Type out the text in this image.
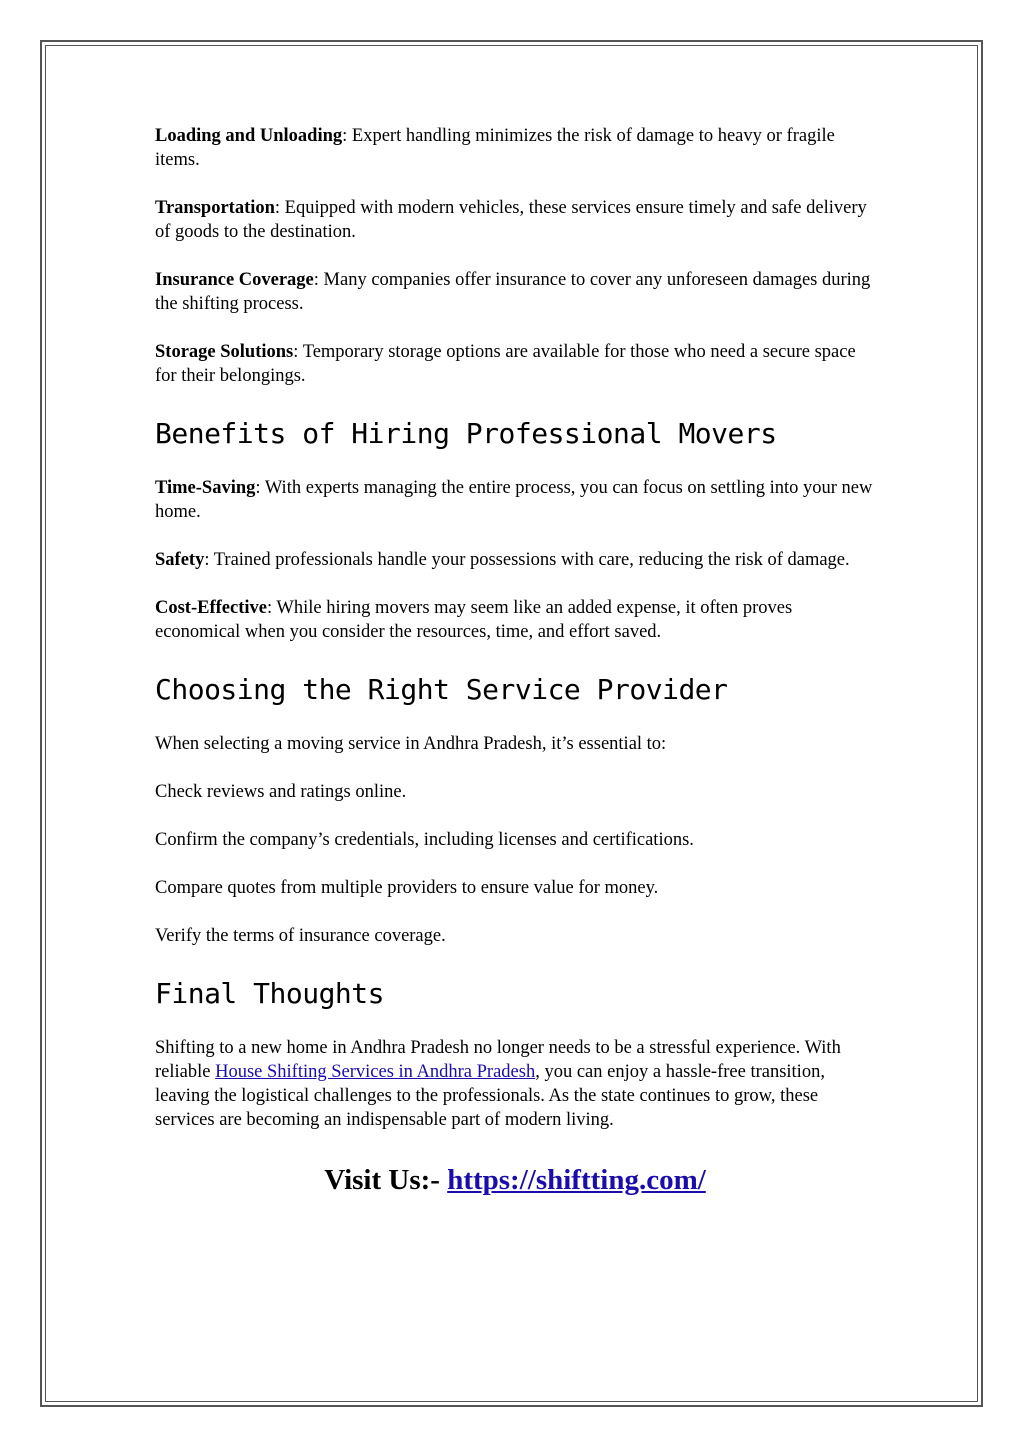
Loading and Unloading: Expert handling minimizes the risk of damage to heavy or fragile items.

Transportation: Equipped with modern vehicles, these services ensure timely and safe delivery of goods to the destination.

Insurance Coverage: Many companies offer insurance to cover any unforeseen damages during the shifting process.

Storage Solutions: Temporary storage options are available for those who need a secure space for their belongings.

Benefits of Hiring Professional Movers

Time-Saving: With experts managing the entire process, you can focus on settling into your new home.

Safety: Trained professionals handle your possessions with care, reducing the risk of damage.

Cost-Effective: While hiring movers may seem like an added expense, it often proves economical when you consider the resources, time, and effort saved.

Choosing the Right Service Provider

When selecting a moving service in Andhra Pradesh, it’s essential to:

Check reviews and ratings online.

Confirm the company’s credentials, including licenses and certifications.

Compare quotes from multiple providers to ensure value for money.

Verify the terms of insurance coverage.

Final Thoughts

Shifting to a new home in Andhra Pradesh no longer needs to be a stressful experience. With reliable House Shifting Services in Andhra Pradesh, you can enjoy a hassle-free transition, leaving the logistical challenges to the professionals. As the state continues to grow, these services are becoming an indispensable part of modern living.

Visit Us:- https://shiftting.com/
